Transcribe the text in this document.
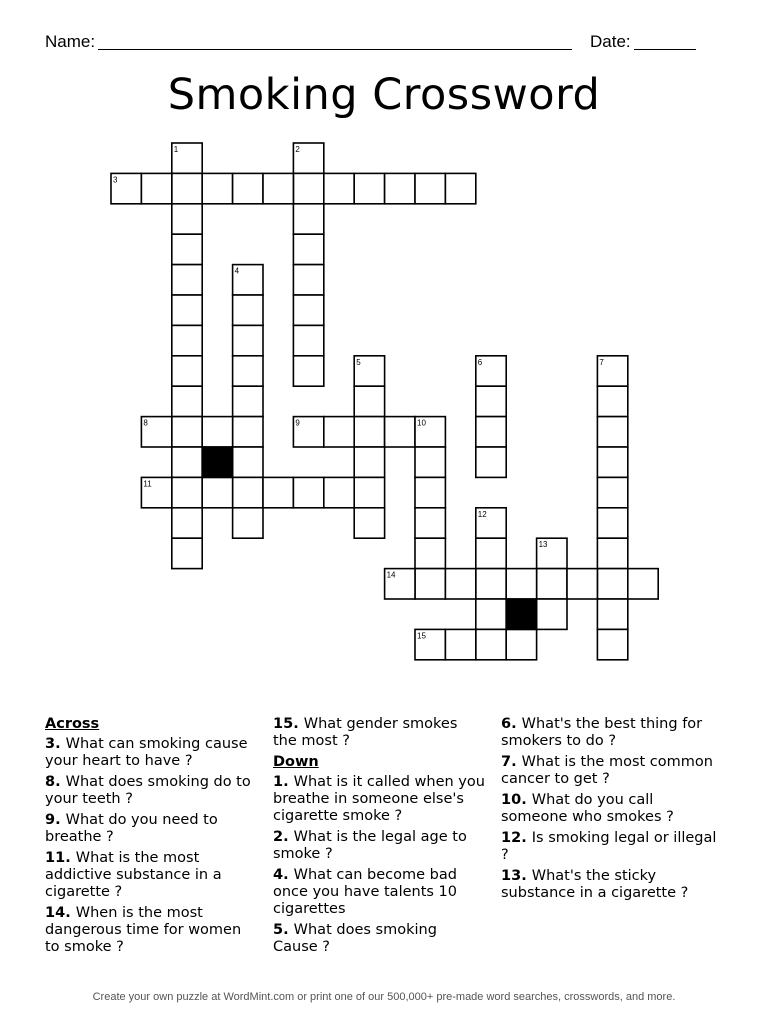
Name:	Date:
Smoking Crossword
1	2
3
4
5	6	7
8	9	10
11
12
13
14
15
Across
3. What can smoking cause your heart to have ?
8. What does smoking do to your teeth ?
9. What do you need to breathe ?
11. What is the most addictive substance in a cigarette ?
14. When is the most dangerous time for women to smoke ?
15. What gender smokes the most ?
Down
1. What is it called when you breathe in someone else's cigarette smoke ?
2. What is the legal age to smoke ?
4. What can become bad once you have talents 10 cigarettes
5. What does smoking Cause ?
6. What's the best thing for smokers to do ?
7. What is the most common cancer to get ?
10. What do you call someone who smokes ?
12. Is smoking legal or illegal ?
13. What's the sticky substance in a cigarette ?
Create your own puzzle at WordMint.com or print one of our 500,000+ pre-made word searches, crosswords, and more.
